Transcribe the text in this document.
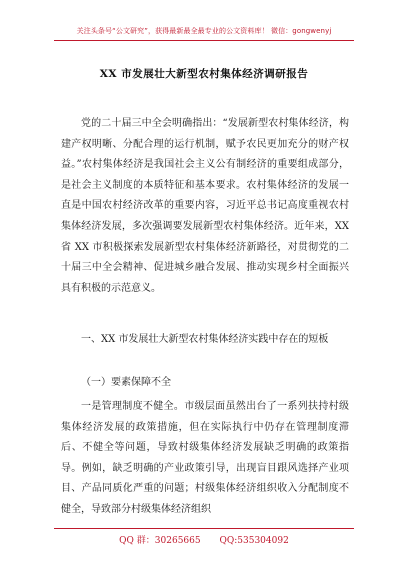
关注头条号“公文研究”，获得最新最全最专业的公文资料库！ 微信：gongwenyj
XX 市发展壮大新型农村集体经济调研报告

党的二十届三中全会明确指出：“发展新型农村集体经济，构建产权明晰、分配合理的运行机制，赋予农民更加充分的财产权益。”农村集体经济是我国社会主义公有制经济的重要组成部分，是社会主义制度的本质特征和基本要求。农村集体经济的发展一直是中国农村经济改革的重要内容，习近平总书记高度重视农村集体经济发展，多次强调要发展新型农村集体经济。近年来，XX 省 XX 市积极探索发展新型农村集体经济新路径，对贯彻党的二十届三中全会精神、促进城乡融合发展、推动实现乡村全面振兴具有积极的示范意义。

一、XX 市发展壮大新型农村集体经济实践中存在的短板

（一）要素保障不全

一是管理制度不健全。市级层面虽然出台了一系列扶持村级集体经济发展的政策措施，但在实际执行中仍存在管理制度滞后、不健全等问题，导致村级集体经济发展缺乏明确的政策指导。例如，缺乏明确的产业政策引导，出现盲目跟风选择产业项目、产品同质化严重的问题；村级集体经济组织收入分配制度不健全，导致部分村级集体经济组织

QQ 群：30265665 QQ:535304092
